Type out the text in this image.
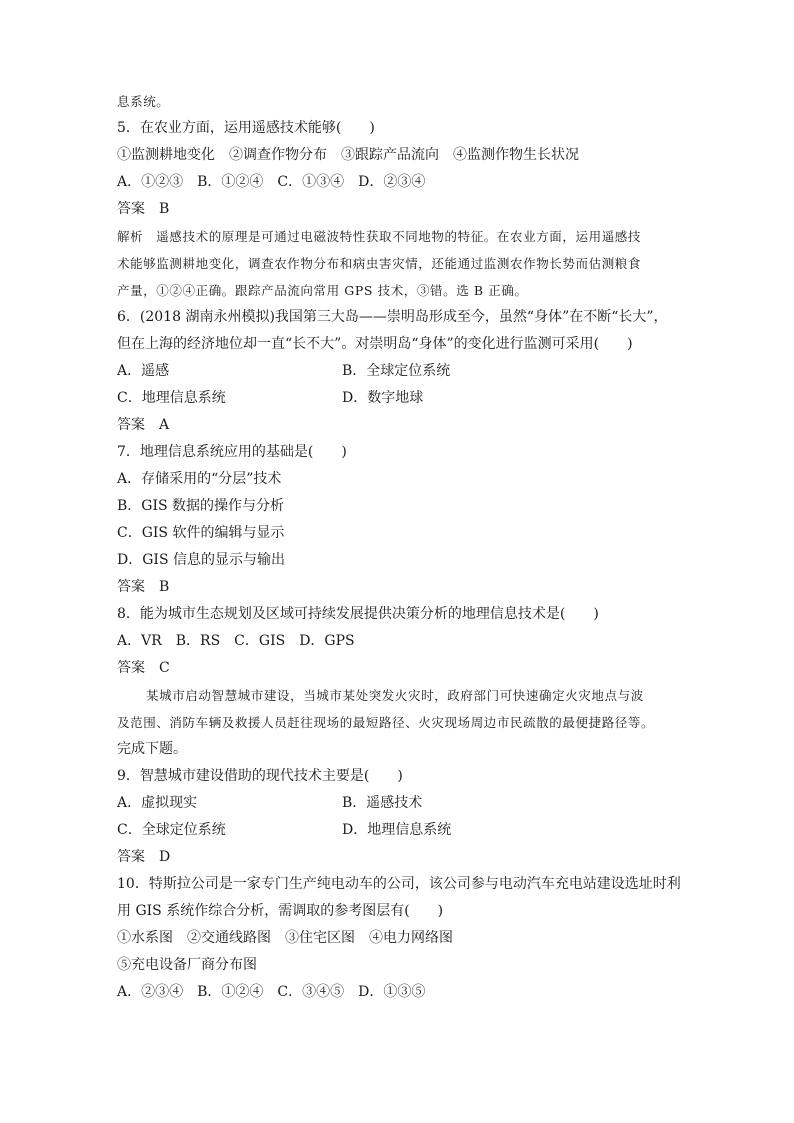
息系统。
5．在农业方面，运用遥感技术能够(　　)
①监测耕地变化　②调查作物分布　③跟踪产品流向　④监测作物生长状况
A．①②③　B．①②④　C．①③④　D．②③④
答案　B
解析　遥感技术的原理是可通过电磁波特性获取不同地物的特征。在农业方面，运用遥感技
术能够监测耕地变化，调查农作物分布和病虫害灾情，还能通过监测农作物长势而估测粮食
产量，①②④正确。跟踪产品流向常用 GPS 技术，③错。选 B 正确。
6．(2018 湖南永州模拟)我国第三大岛——崇明岛形成至今，虽然“身体”在不断“长大”，
但在上海的经济地位却一直“长不大”。对崇明岛“身体”的变化进行监测可采用(　　)
A．遥感	B．全球定位系统
C．地理信息系统	D．数字地球
答案　A
7．地理信息系统应用的基础是(　　)
A．存储采用的“分层”技术
B．GIS 数据的操作与分析
C．GIS 软件的编辑与显示
D．GIS 信息的显示与输出
答案　B
8．能为城市生态规划及区域可持续发展提供决策分析的地理信息技术是(　　)
A．VR　B．RS　C．GIS　D．GPS
答案　C
某城市启动智慧城市建设，当城市某处突发火灾时，政府部门可快速确定火灾地点与波
及范围、消防车辆及救援人员赶往现场的最短路径、火灾现场周边市民疏散的最便捷路径等。
完成下题。
9．智慧城市建设借助的现代技术主要是(　　)
A．虚拟现实	B．遥感技术
C．全球定位系统	D．地理信息系统
答案　D
10．特斯拉公司是一家专门生产纯电动车的公司，该公司参与电动汽车充电站建设选址时利
用 GIS 系统作综合分析，需调取的参考图层有(　　)
①水系图　②交通线路图　③住宅区图　④电力网络图
⑤充电设备厂商分布图
A．②③④　B．①②④　C．③④⑤　D．①③⑤
